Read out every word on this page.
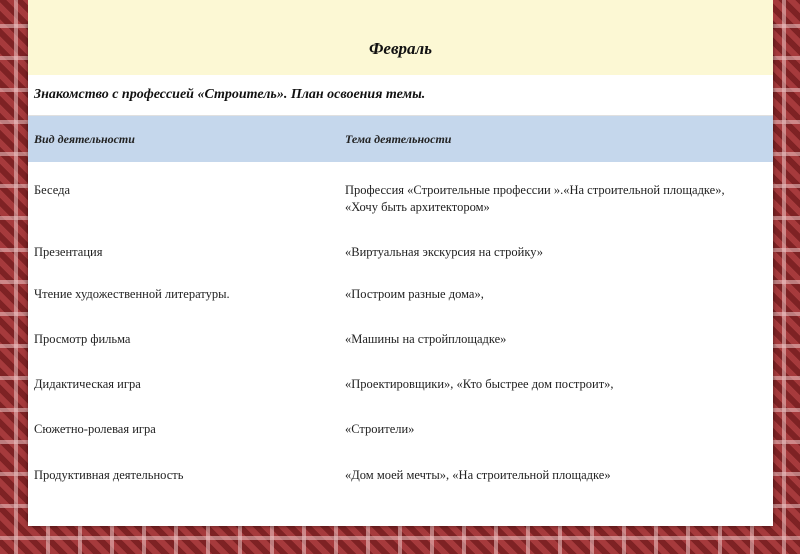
Февраль
Знакомство с профессией «Строитель». План освоения темы.
Вид деятельности	Тема деятельности
Беседа	Профессия «Строительные профессии ».«На строительной площадке», «Хочу быть архитектором»
Презентация	«Виртуальная экскурсия на стройку»
Чтение художественной литературы.	«Построим разные дома»,
Просмотр фильма	«Машины на стройплощадке»
Дидактическая игра	«Проектировщики», «Кто быстрее дом построит»,
Сюжетно-ролевая игра	«Строители»
Продуктивная деятельность	«Дом моей мечты», «На строительной площадке»
